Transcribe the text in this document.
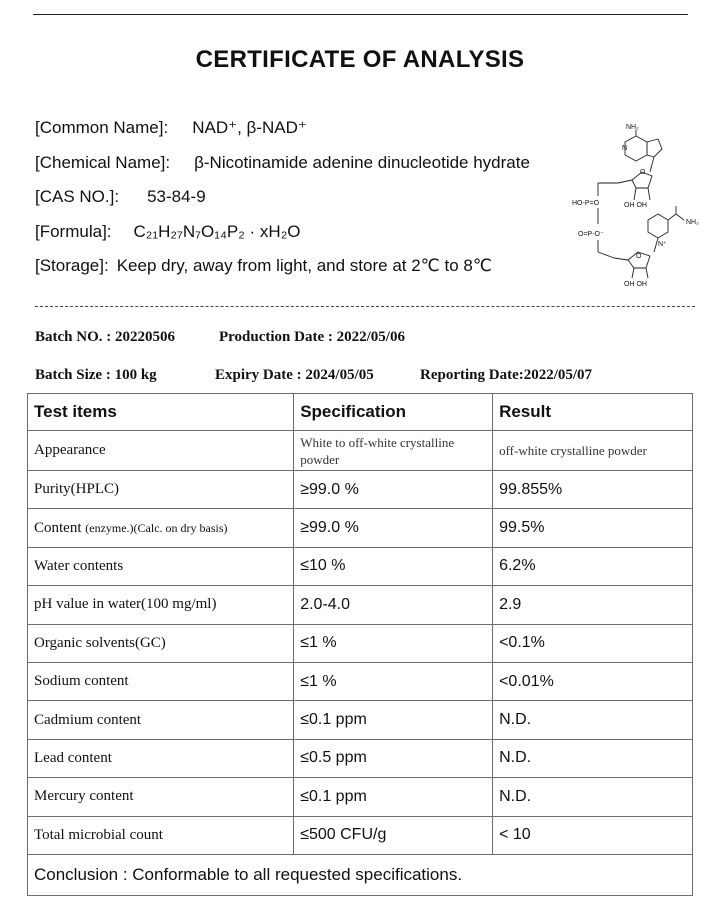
CERTIFICATE OF ANALYSIS
[Common Name]: NAD⁺, β-NAD⁺
[Chemical Name]: β-Nicotinamide adenine dinucleotide hydrate
[CAS NO.]: 53-84-9
[Formula]: C₂₁H₂₇N₇O₁₄P₂ · xH₂O
[Storage]: Keep dry, away from light, and store at 2℃ to 8℃
NH₂
N
O
HO-P=O	OH OH
NH₂
O=P-O⁻
N⁺
O
OH OH
Batch NO. : 20220506	Production Date : 2022/05/06
Batch Size : 100 kg	Expiry Date : 2024/05/05	Reporting Date:2022/05/07
Test items	Specification	Result
Appearance	White to off-white crystalline powder	off-white crystalline powder
Purity(HPLC)	≥99.0 %	99.855%
Content (enzyme.)(Calc. on dry basis)	≥99.0 %	99.5%
Water contents	≤10 %	6.2%
pH value in water(100 mg/ml)	2.0-4.0	2.9
Organic solvents(GC)	≤1 %	<0.1%
Sodium content	≤1 %	<0.01%
Cadmium content	≤0.1 ppm	N.D.
Lead content	≤0.5 ppm	N.D.
Mercury content	≤0.1 ppm	N.D.
Total microbial count	≤500 CFU/g	< 10
Conclusion : Conformable to all requested specifications.		
